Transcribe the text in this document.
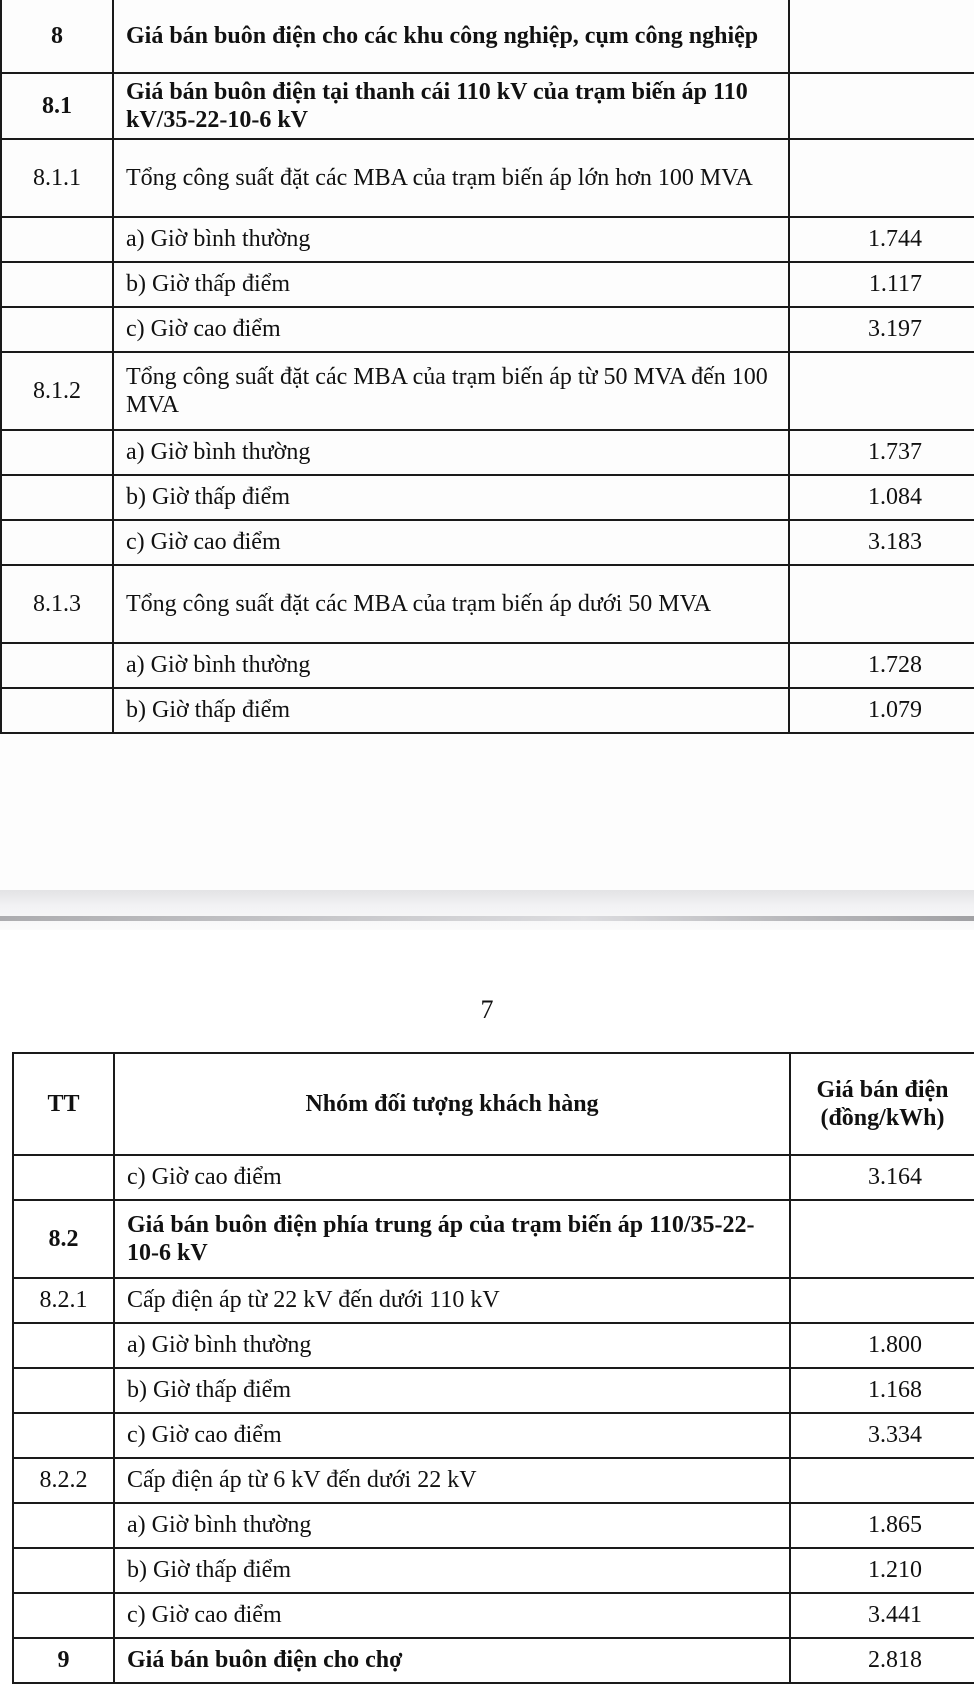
8	Giá bán buôn điện cho các khu công nghiệp, cụm công nghiệp	
8.1	Giá bán buôn điện tại thanh cái 110 kV của trạm biến áp 110 kV/35-22-10-6 kV	
8.1.1	Tổng công suất đặt các MBA của trạm biến áp lớn hơn 100 MVA	
	a) Giờ bình thường	1.744
	b) Giờ thấp điểm	1.117
	c) Giờ cao điểm	3.197
8.1.2	Tổng công suất đặt các MBA của trạm biến áp từ 50 MVA đến 100 MVA	
	a) Giờ bình thường	1.737
	b) Giờ thấp điểm	1.084
	c) Giờ cao điểm	3.183
8.1.3	Tổng công suất đặt các MBA của trạm biến áp dưới 50 MVA	
	a) Giờ bình thường	1.728
	b) Giờ thấp điểm	1.079
7
TT	Nhóm đối tượng khách hàng	Giá bán điện (đồng/kWh)
	c) Giờ cao điểm	3.164
8.2	Giá bán buôn điện phía trung áp của trạm biến áp 110/35-22-10-6 kV	
8.2.1	Cấp điện áp từ 22 kV đến dưới 110 kV	
	a) Giờ bình thường	1.800
	b) Giờ thấp điểm	1.168
	c) Giờ cao điểm	3.334
8.2.2	Cấp điện áp từ 6 kV đến dưới 22 kV	
	a) Giờ bình thường	1.865
	b) Giờ thấp điểm	1.210
	c) Giờ cao điểm	3.441
9	Giá bán buôn điện cho chợ	2.818
